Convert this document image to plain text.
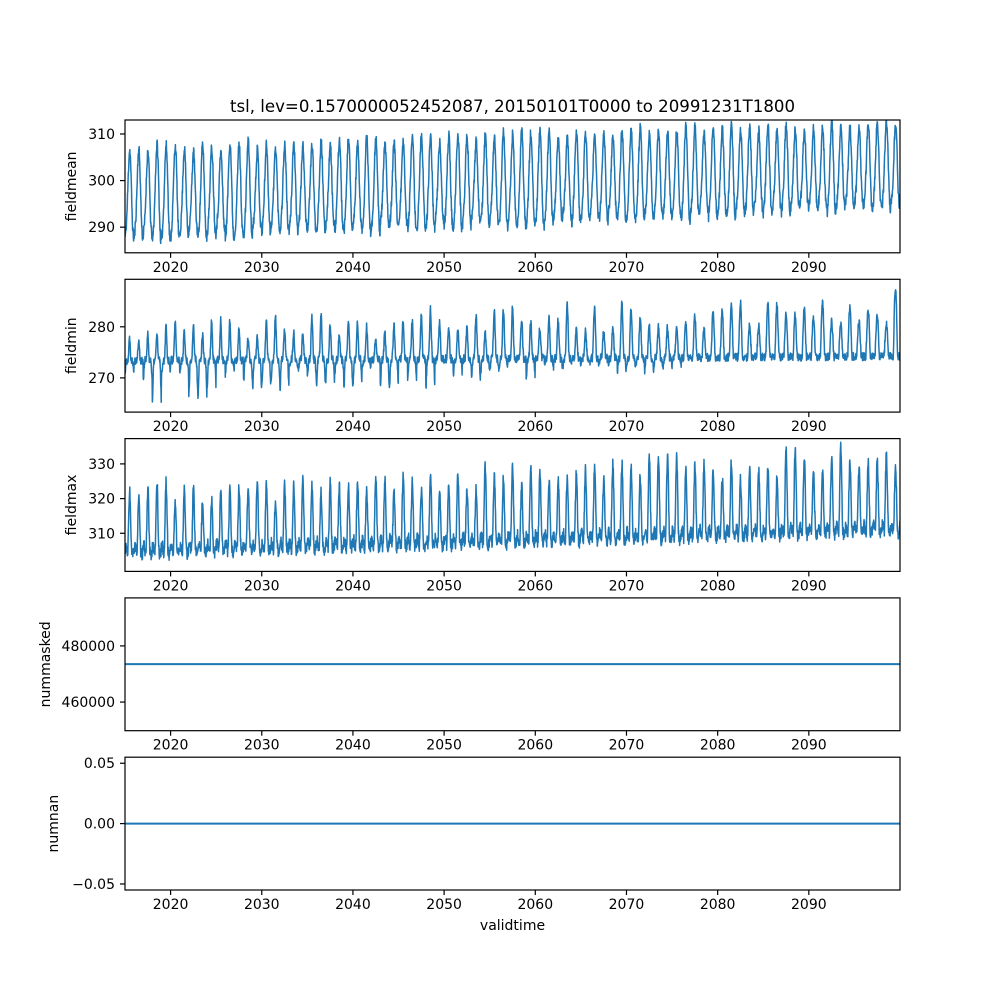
tsl, lev=0.1570000052452087, 20150101T0000 to 20991231T1800
290
300
310
2020	2030	2040	2050	2060	2070	2080	2090
fieldmean
270
280
2020	2030	2040	2050	2060	2070	2080	2090
fieldmin
310
320
330
2020	2030	2040	2050	2060	2070	2080	2090
fieldmax
460000
480000
2020	2030	2040	2050	2060	2070	2080	2090
nummasked
−0.05
0.00
0.05
2020	2030	2040	2050	2060	2070	2080	2090
numnan
validtime
